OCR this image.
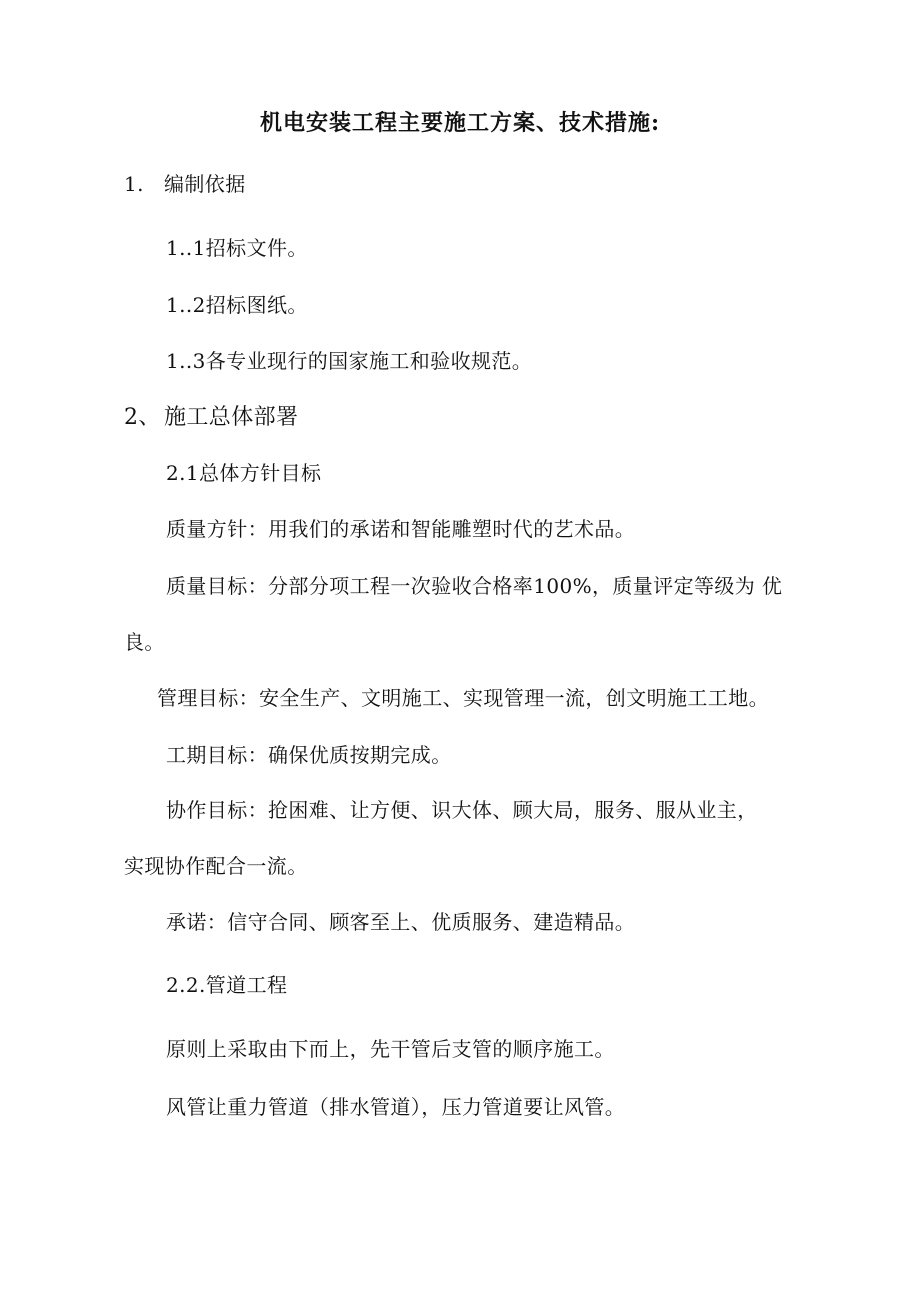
机电安装工程主要施工方案、技术措施:
1. 编制依据
1..1招标文件。
1..2招标图纸。
1..3各专业现行的国家施工和验收规范。
2、 施工总体部署
2.1总体方针目标
质量方针：用我们的承诺和智能雕塑时代的艺术品。
质量目标：分部分项工程一次验收合格率100%，质量评定等级为 优
良。
管理目标：安全生产、文明施工、实现管理一流，创文明施工工地。
工期目标：确保优质按期完成。
协作目标：抢困难、让方便、识大体、顾大局，服务、服从业主，
实现协作配合一流。
承诺：信守合同、顾客至上、优质服务、建造精品。
2.2.管道工程
原则上采取由下而上，先干管后支管的顺序施工。
风管让重力管道（排水管道），压力管道要让风管。
